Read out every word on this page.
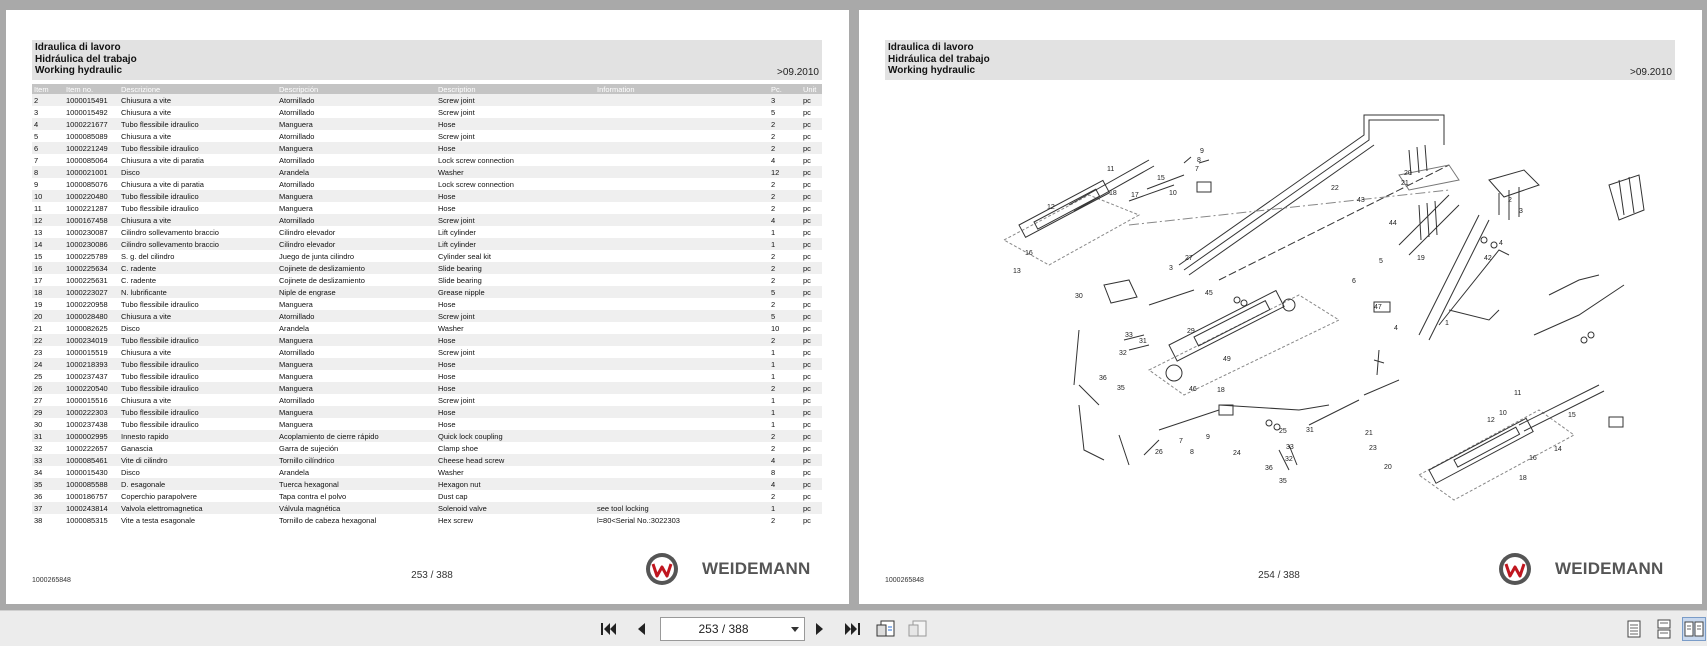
Idraulica di lavoro
Hidráulica del trabajo
Working hydraulic	>09.2010
Item	Item no.	Descrizione	Descripción	Description	Information	Pc.	Unit
2	1000015491	Chiusura a vite	Atornillado	Screw joint		3	pc
3	1000015492	Chiusura a vite	Atornillado	Screw joint		5	pc
4	1000221677	Tubo flessibile idraulico	Manguera	Hose		2	pc
5	1000085089	Chiusura a vite	Atornillado	Screw joint		2	pc
6	1000221249	Tubo flessibile idraulico	Manguera	Hose		2	pc
7	1000085064	Chiusura a vite di paratia	Atornillado	Lock screw connection		4	pc
8	1000021001	Disco	Arandela	Washer		12	pc
9	1000085076	Chiusura a vite di paratia	Atornillado	Lock screw connection		2	pc
10	1000220480	Tubo flessibile idraulico	Manguera	Hose		2	pc
11	1000221287	Tubo flessibile idraulico	Manguera	Hose		2	pc
12	1000167458	Chiusura a vite	Atornillado	Screw joint		4	pc
13	1000230087	Cilindro sollevamento braccio	Cilindro elevador	Lift cylinder		1	pc
14	1000230086	Cilindro sollevamento braccio	Cilindro elevador	Lift cylinder		1	pc
15	1000225789	S. g. del cilindro	Juego de junta cilindro	Cylinder seal kit		2	pc
16	1000225634	C. radente	Cojinete de deslizamiento	Slide bearing		2	pc
17	1000225631	C. radente	Cojinete de deslizamiento	Slide bearing		2	pc
18	1000223027	N. lubrificante	Niple de engrase	Grease nipple		5	pc
19	1000220958	Tubo flessibile idraulico	Manguera	Hose		2	pc
20	1000028480	Chiusura a vite	Atornillado	Screw joint		5	pc
21	1000082625	Disco	Arandela	Washer		10	pc
22	1000234019	Tubo flessibile idraulico	Manguera	Hose		2	pc
23	1000015519	Chiusura a vite	Atornillado	Screw joint		1	pc
24	1000218393	Tubo flessibile idraulico	Manguera	Hose		1	pc
25	1000237437	Tubo flessibile idraulico	Manguera	Hose		1	pc
26	1000220540	Tubo flessibile idraulico	Manguera	Hose		2	pc
27	1000015516	Chiusura a vite	Atornillado	Screw joint		1	pc
29	1000222303	Tubo flessibile idraulico	Manguera	Hose		1	pc
30	1000237438	Tubo flessibile idraulico	Manguera	Hose		1	pc
31	1000002995	Innesto rapido	Acoplamiento de cierre rápido	Quick lock coupling		2	pc
32	1000222657	Ganascia	Garra de sujeción	Clamp shoe		2	pc
33	1000085461	Vite di cilindro	Tornillo cilíndrico	Cheese head screw		4	pc
34	1000015430	Disco	Arandela	Washer		8	pc
35	1000085588	D. esagonale	Tuerca hexagonal	Hexagon nut		4	pc
36	1000186757	Coperchio parapolvere	Tapa contra el polvo	Dust cap		2	pc
37	1000243814	Valvola elettromagnetica	Válvula magnética	Solenoid valve	see tool locking	1	pc
38	1000085315	Vite a testa esagonale	Tornillo de cabeza hexagonal	Hex screw	l=80<Serial No.:3022303	2	pc
1000265848	253 / 388	WEIDEMANN
Idraulica di lavoro
Hidráulica del trabajo
Working hydraulic	>09.2010
11
15
9
8
7
12
18 17	10
16
13
22
43
44
20
21
19
2
3
4
42
30
27
3
45
5
47
6
1
4
33
31
32
36
35
29
46
49
18
25
33
31
32
36
35
26	24
23
20
21
7
8
9
12
10
11
15
14
16
18
1000265848	254 / 388	WEIDEMANN
253 / 388
